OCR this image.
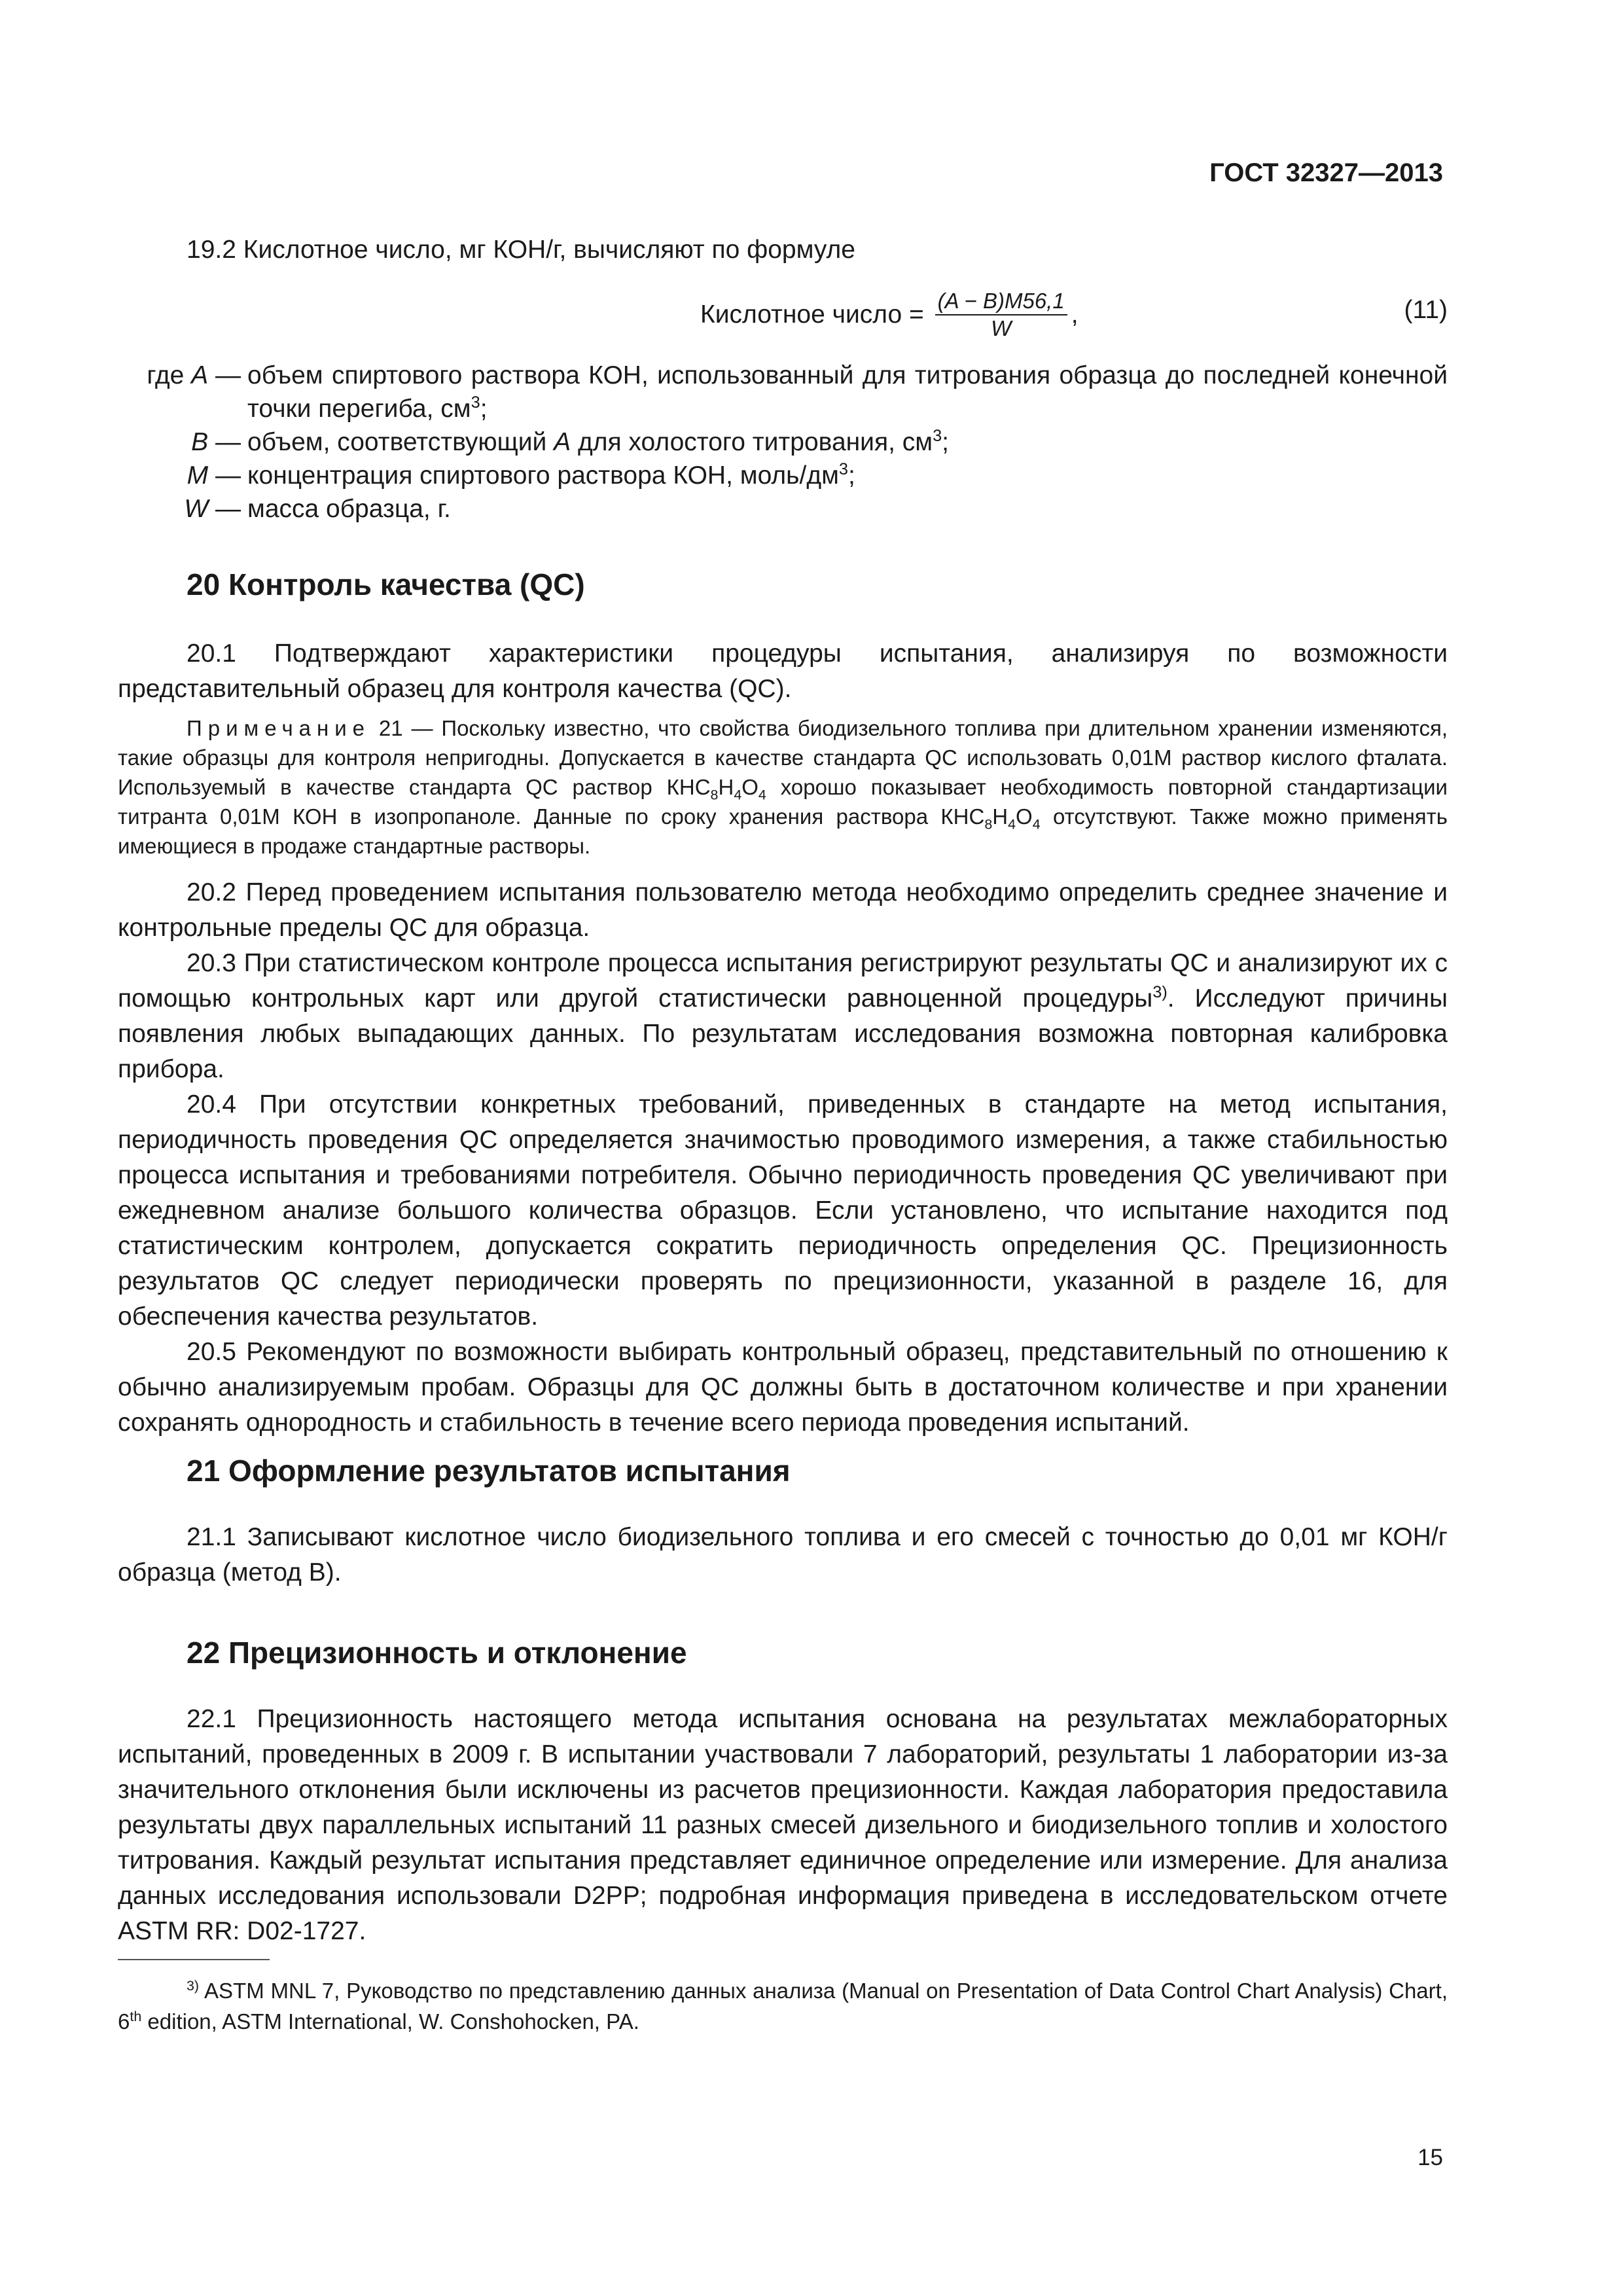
ГОСТ 32327—2013

19.2 Кислотное число, мг КОН/г, вычисляют по формуле

Кислотное число = $\frac{(A - B)M56,1}{W}$ ,	(11)
где A — объем спиртового раствора КОН, использованный для титрования образца до последней конечной точки перегиба, $см^3$;
B — объем, соответствующий A для холостого титрования, $см^3$;
M — концентрация спиртового раствора КОН, моль/$дм^3$;
W — масса образца, г.
20 Контроль качества (QC)

20.1 Подтверждают характеристики процедуры испытания, анализируя по возможности представительный образец для контроля качества (QC).

Примечание 21 — Поскольку известно, что свойства биодизельного топлива при длительном хранении изменяются, такие образцы для контроля непригодны. Допускается в качестве стандарта QC использовать 0,01М раствор кислого фталата. Используемый в качестве стандарта QC раствор $КНС_8Н_4О_4$ хорошо показывает необходимость повторной стандартизации титранта 0,01М КОН в изопропаноле. Данные по сроку хранения раствора $КНС_8Н_4О_4$ отсутствуют. Также можно применять имеющиеся в продаже стандартные растворы.

20.2 Перед проведением испытания пользователю метода необходимо определить среднее значение и контрольные пределы QC для образца.

20.3 При статистическом контроле процесса испытания регистрируют результаты QC и анализируют их с помощью контрольных карт или другой статистически равноценной процедуры$^{3)}$. Исследуют причины появления любых выпадающих данных. По результатам исследования возможна повторная калибровка прибора.

20.4 При отсутствии конкретных требований, приведенных в стандарте на метод испытания, периодичность проведения QC определяется значимостью проводимого измерения, а также стабильностью процесса испытания и требованиями потребителя. Обычно периодичность проведения QC увеличивают при ежедневном анализе большого количества образцов. Если установлено, что испытание находится под статистическим контролем, допускается сократить периодичность определения QC. Прецизионность результатов QC следует периодически проверять по прецизионности, указанной в разделе 16, для обеспечения качества результатов.

20.5 Рекомендуют по возможности выбирать контрольный образец, представительный по отношению к обычно анализируемым пробам. Образцы для QC должны быть в достаточном количестве и при хранении сохранять однородность и стабильность в течение всего периода проведения испытаний.

21 Оформление результатов испытания

21.1 Записывают кислотное число биодизельного топлива и его смесей с точностью до 0,01 мг КОН/г образца (метод В).

22 Прецизионность и отклонение

22.1 Прецизионность настоящего метода испытания основана на результатах межлабораторных испытаний, проведенных в 2009 г. В испытании участвовали 7 лабораторий, результаты 1 лаборатории из-за значительного отклонения были исключены из расчетов прецизионности. Каждая лаборатория предоставила результаты двух параллельных испытаний 11 разных смесей дизельного и биодизельного топлив и холостого титрования. Каждый результат испытания представляет единичное определение или измерение. Для анализа данных исследования использовали D2PP; подробная информация приведена в исследовательском отчете ASTM RR: D02-1727.

$^{3)}$ ASTM MNL 7, Руководство по представлению данных анализа (Manual on Presentation of Data Control Chart Analysis) Chart, 6th edition, ASTM International, W. Conshohocken, PA.
15
